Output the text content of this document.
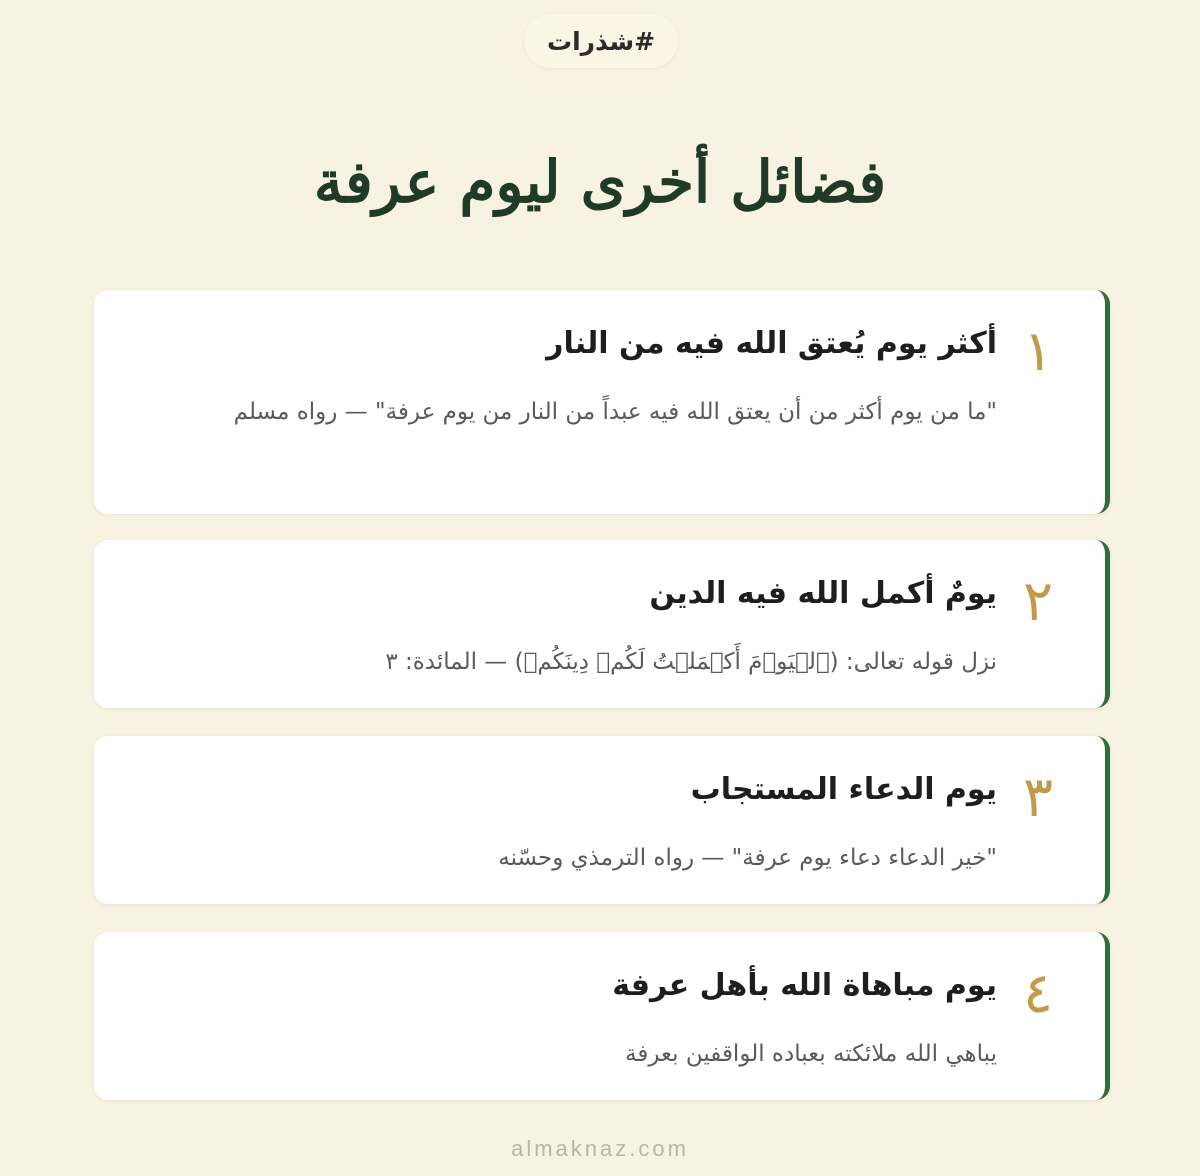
#شذرات
فضائل أخرى ليوم عرفة
١
أكثر يوم يُعتق الله فيه من النار
"ما من يوم أكثر من أن يعتق الله فيه عبداً من النار من يوم عرفة" — رواه مسلم
٢
يومٌ أكمل الله فيه الدين
نزل قوله تعالى: (ٱلۡيَوۡمَ أَكۡمَلۡتُ لَكُمۡ دِينَكُمۡ) — المائدة: ٣
٣
يوم الدعاء المستجاب
"خير الدعاء دعاء يوم عرفة" — رواه الترمذي وحسّنه
٤
يوم مباهاة الله بأهل عرفة
يباهي الله ملائكته بعباده الواقفين بعرفة
almaknaz.com
